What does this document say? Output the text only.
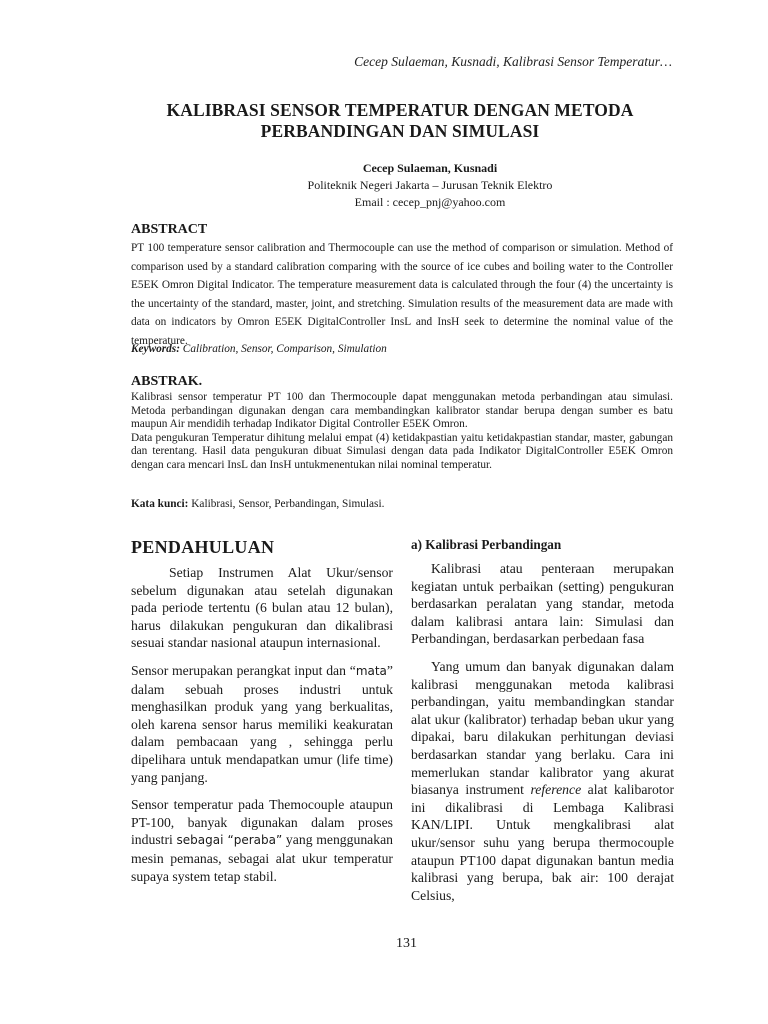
Cecep Sulaeman, Kusnadi, Kalibrasi Sensor Temperatur…
KALIBRASI SENSOR TEMPERATUR DENGAN METODA
PERBANDINGAN DAN SIMULASI
Cecep Sulaeman, Kusnadi
Politeknik Negeri Jakarta – Jurusan Teknik Elektro
Email : cecep_pnj@yahoo.com
ABSTRACT
PT 100 temperature sensor calibration and Thermocouple can use the method of comparison or simulation. Method of comparison used by a standard calibration comparing with the source of ice cubes and boiling water to the Controller E5EK Omron Digital Indicator. The temperature measurement data is calculated through the four (4) the uncertainty is the uncertainty of the standard, master, joint, and stretching. Simulation results of the measurement data are made with data on indicators by Omron E5EK DigitalController InsL and InsH seek to determine the nominal value of the temperature.
Keywords: Calibration, Sensor, Comparison, Simulation
ABSTRAK.

Kalibrasi sensor temperatur PT 100 dan Thermocouple dapat menggunakan metoda perbandingan atau simulasi. Metoda perbandingan digunakan dengan cara membandingkan kalibrator standar berupa dengan sumber es batu maupun Air mendidih terhadap Indikator Digital Controller E5EK Omron.

Data pengukuran Temperatur dihitung melalui empat (4) ketidakpastian yaitu ketidakpastian standar, master, gabungan dan terentang. Hasil data pengukuran dibuat Simulasi dengan data pada Indikator DigitalController E5EK Omron dengan cara mencari InsL dan InsH untukmenentukan nilai nominal temperatur.

Kata kunci: Kalibrasi, Sensor, Perbandingan, Simulasi.
PENDAHULUAN

Setiap Instrumen Alat Ukur/sensor sebelum digunakan atau setelah digunakan pada periode tertentu (6 bulan atau 12 bulan), harus dilakukan pengukuran dan dikalibrasi sesuai standar nasional ataupun internasional.

Sensor merupakan perangkat input dan “mata” dalam sebuah proses industri untuk menghasilkan produk yang yang berkualitas, oleh karena sensor harus memiliki keakuratan dalam pembacaan yang , sehingga perlu dipelihara untuk mendapatkan umur (life time) yang panjang.

Sensor temperatur pada Themocouple ataupun PT-100, banyak digunakan dalam proses industri sebagai “peraba” yang menggunakan mesin pemanas, sebagai alat ukur temperatur supaya system tetap stabil.

a) Kalibrasi Perbandingan

Kalibrasi atau penteraan merupakan kegiatan untuk perbaikan (setting) pengukuran berdasarkan peralatan yang standar, metoda dalam kalibrasi antara lain: Simulasi dan Perbandingan, berdasarkan perbedaan fasa

Yang umum dan banyak digunakan dalam kalibrasi menggunakan metoda kalibrasi perbandingan, yaitu membandingkan standar alat ukur (kalibrator) terhadap beban ukur yang dipakai, baru dilakukan perhitungan deviasi berdasarkan standar yang berlaku. Cara ini memerlukan standar kalibrator yang akurat biasanya instrument reference alat kalibarotor ini dikalibrasi di Lembaga Kalibrasi KAN/LIPI. Untuk mengkalibrasi alat ukur/sensor suhu yang berupa thermocouple ataupun PT100 dapat digunakan bantun media kalibrasi yang berupa, bak air: 100 derajat Celsius,

131
